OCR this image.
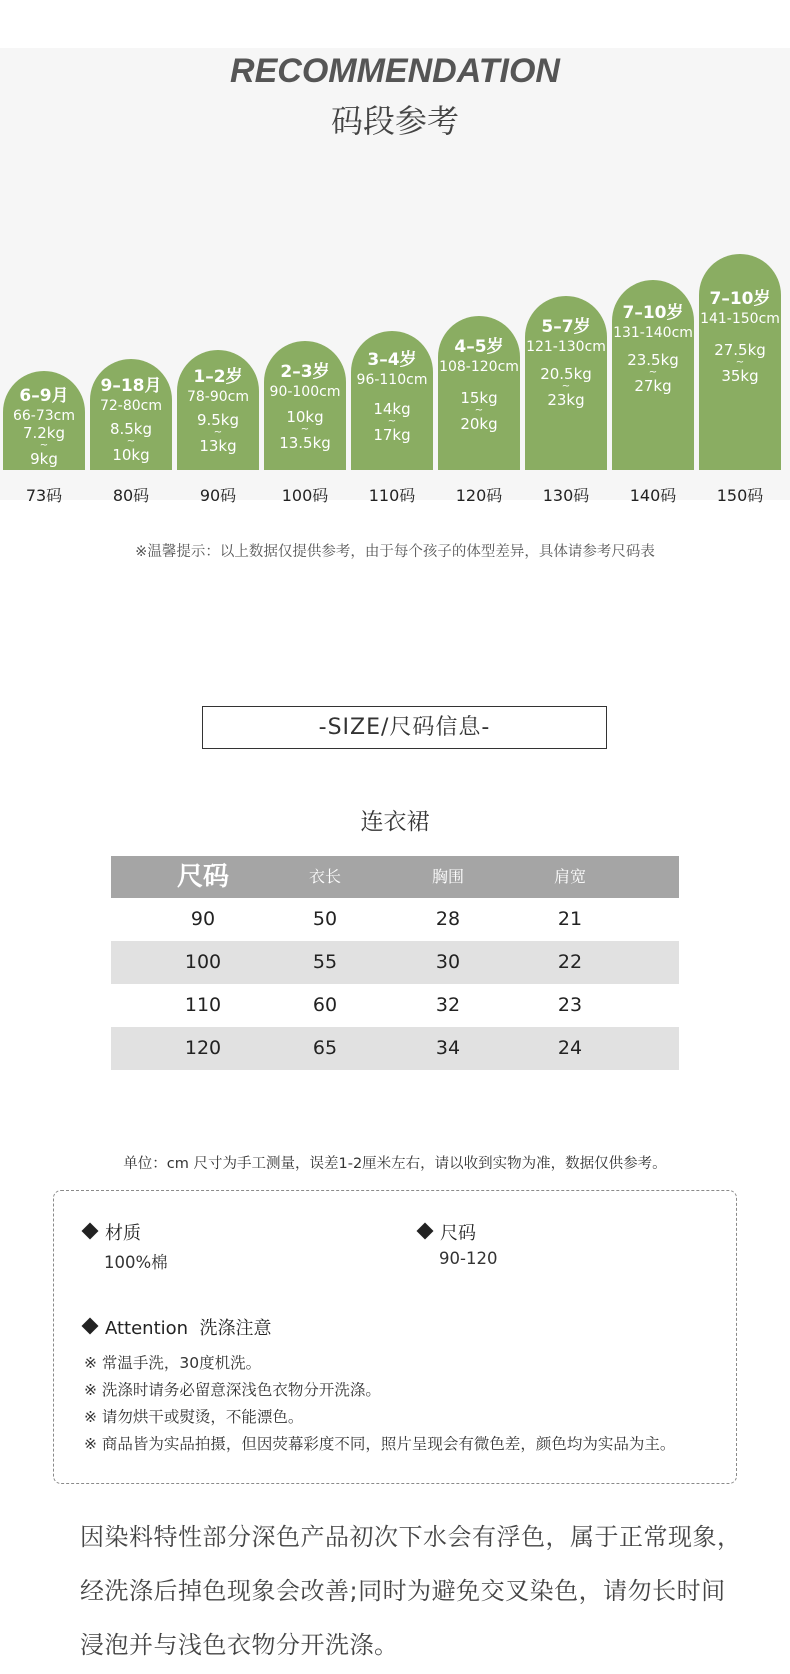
RECOMMENDATION
码段参考
6–9月
66-73cm
7.2kg
~
9kg
9–18月
72-80cm
8.5kg
~
10kg
1–2岁
78-90cm
9.5kg
~
13kg
2–3岁
90-100cm
10kg
~
13.5kg
3–4岁
96-110cm
14kg
~
17kg
4–5岁
108-120cm
15kg
~
20kg
5–7岁
121-130cm
20.5kg
~
23kg
7–10岁
131-140cm
23.5kg
~
27kg
7–10岁
141-150cm
27.5kg
~
35kg
73码	80码	90码	100码	110码	120码	130码	140码	150码
※温馨提示：以上数据仅提供参考，由于每个孩子的体型差异，具体请参考尺码表
-SIZE/尺码信息-
连衣裙
尺码	衣长	胸围	肩宽
90	50	28	21
100	55	30	22
110	60	32	23
120	65	34	24
单位：cm 尺寸为手工测量，误差1-2厘米左右，请以收到实物为准，数据仅供参考。
材质
100%棉
尺码
90-120
Attention  洗涤注意
※ 常温手洗，30度机洗。
※ 洗涤时请务必留意深浅色衣物分开洗涤。
※ 请勿烘干或熨烫，不能漂色。
※ 商品皆为实品拍摄，但因荧幕彩度不同，照片呈现会有微色差，颜色均为实品为主。
因染料特性部分深色产品初次下水会有浮色，属于正常现象，
经洗涤后掉色现象会改善;同时为避免交叉染色，请勿长时间
浸泡并与浅色衣物分开洗涤。
